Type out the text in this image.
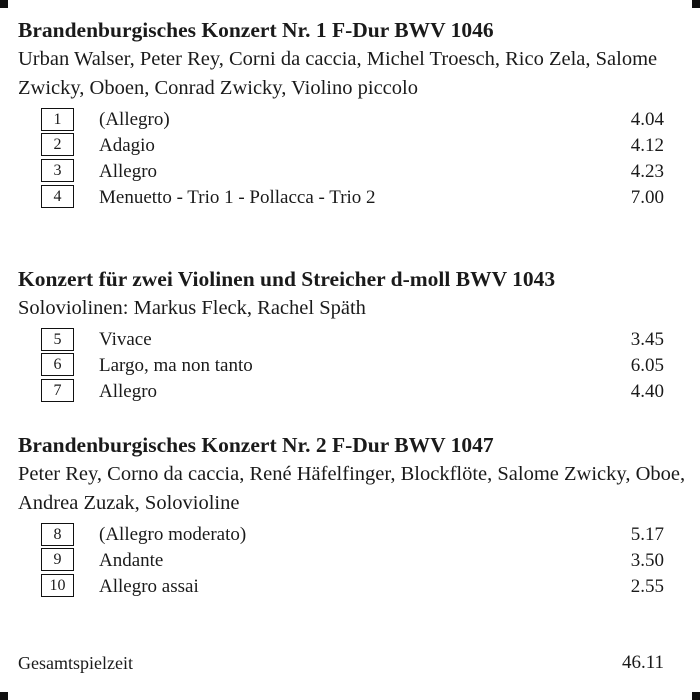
Brandenburgisches Konzert Nr. 1 F-Dur BWV 1046

Urban Walser, Peter Rey, Corni da caccia, Michel Troesch, Rico Zela, Salome Zwicky, Oboen, Conrad Zwicky, Violino piccolo

1	(Allegro)	4.04
2	Adagio	4.12
3	Allegro	4.23
4	Menuetto - Trio 1 - Pollacca - Trio 2	7.00
Konzert für zwei Violinen und Streicher d-moll BWV 1043

Soloviolinen: Markus Fleck, Rachel Späth

5	Vivace	3.45
6	Largo, ma non tanto	6.05
7	Allegro	4.40
Brandenburgisches Konzert Nr. 2 F-Dur BWV 1047

Peter Rey, Corno da caccia, René Häfelfinger, Blockflöte, Salome Zwicky, Oboe, Andrea Zuzak, Solovioline

8	(Allegro moderato)	5.17
9	Andante	3.50
10	Allegro assai	2.55
Gesamtspielzeit	46.11
